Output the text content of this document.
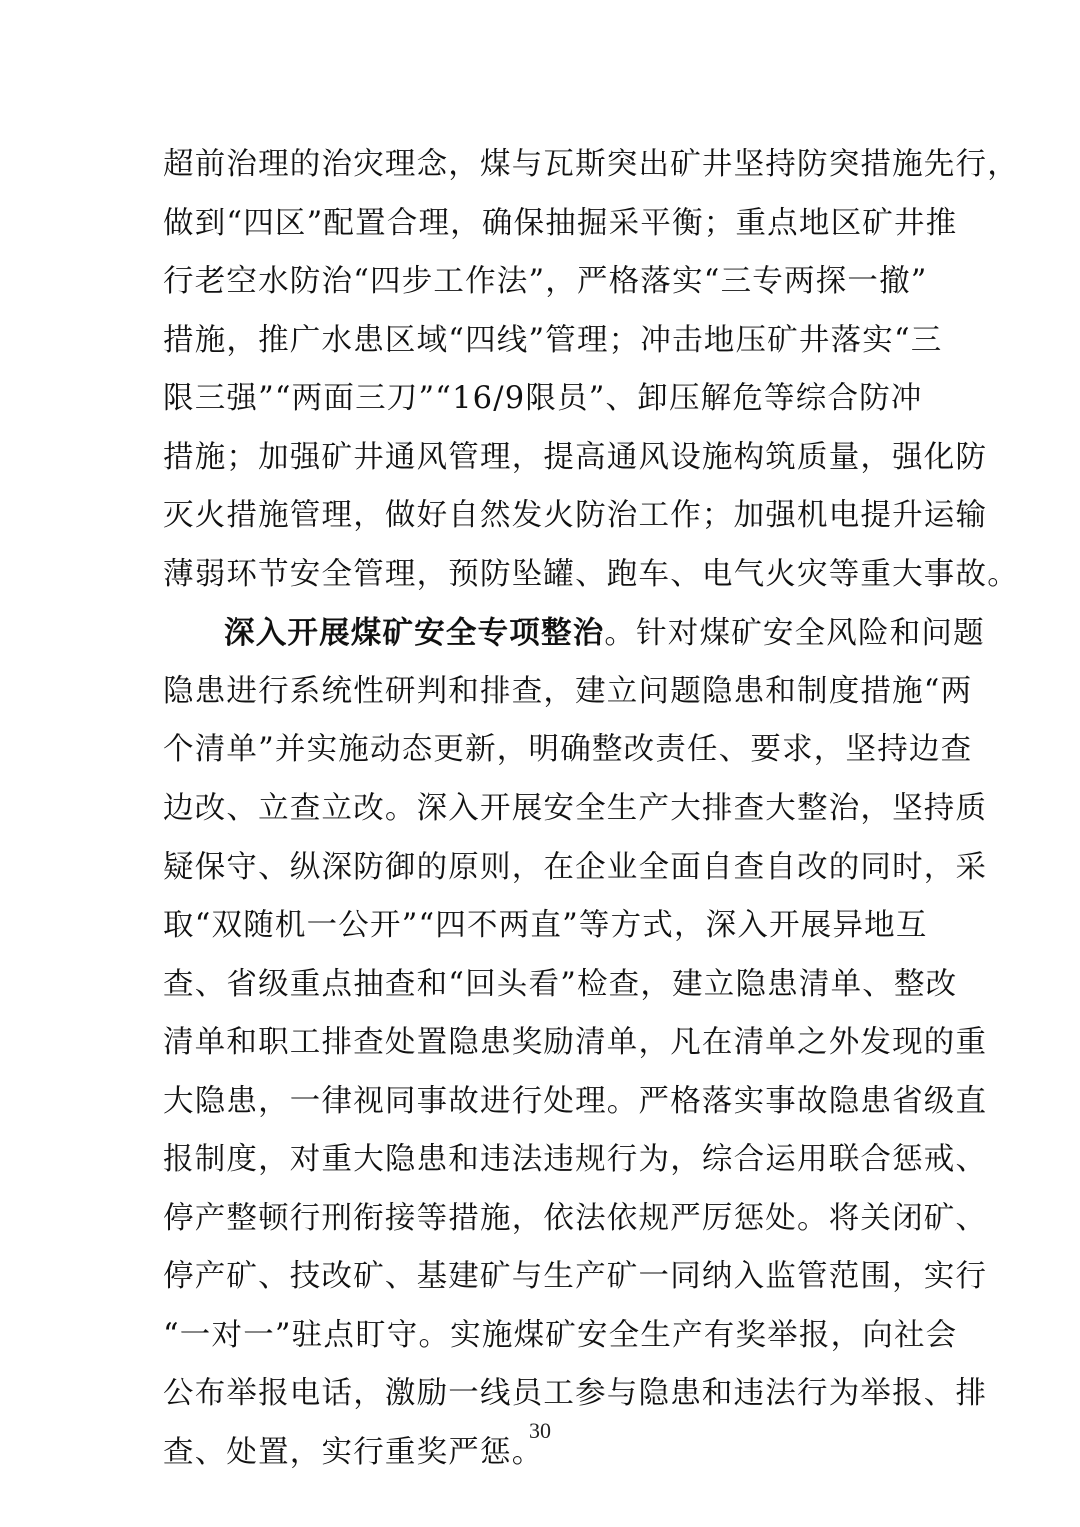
超前治理的治灾理念，煤与瓦斯突出矿井坚持防突措施先行，
做到“四区”配置合理，确保抽掘采平衡；重点地区矿井推
行老空水防治“四步工作法”，严格落实“三专两探一撤”
措施，推广水患区域“四线”管理；冲击地压矿井落实“三
限三强”“两面三刀”“16/9限员”、卸压解危等综合防冲
措施；加强矿井通风管理，提高通风设施构筑质量，强化防
灭火措施管理，做好自然发火防治工作；加强机电提升运输
薄弱环节安全管理，预防坠罐、跑车、电气火灾等重大事故。
深入开展煤矿安全专项整治。针对煤矿安全风险和问题
隐患进行系统性研判和排查，建立问题隐患和制度措施“两
个清单”并实施动态更新，明确整改责任、要求，坚持边查
边改、立查立改。深入开展安全生产大排查大整治，坚持质
疑保守、纵深防御的原则，在企业全面自查自改的同时，采
取“双随机一公开”“四不两直”等方式，深入开展异地互
查、省级重点抽查和“回头看”检查，建立隐患清单、整改
清单和职工排查处置隐患奖励清单，凡在清单之外发现的重
大隐患，一律视同事故进行处理。严格落实事故隐患省级直
报制度，对重大隐患和违法违规行为，综合运用联合惩戒、
停产整顿行刑衔接等措施，依法依规严厉惩处。将关闭矿、
停产矿、技改矿、基建矿与生产矿一同纳入监管范围，实行
“一对一”驻点盯守。实施煤矿安全生产有奖举报，向社会
公布举报电话，激励一线员工参与隐患和违法行为举报、排
查、处置，实行重奖严惩。
30
